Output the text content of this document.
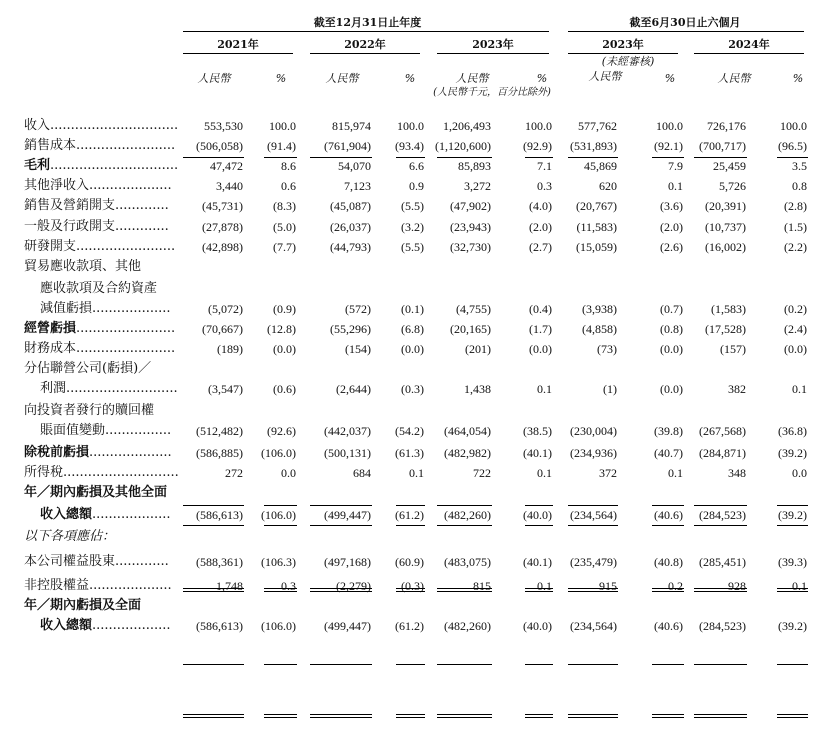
截至12月31日止年度	截至6月30日止六個月
2021年	2022年	2023年	2023年	2024年
(未經審核)
人民幣	%	人民幣	%	人民幣	%
(人民幣千元，百分比除外)
人民幣	%	人民幣	%
收入...............................	553,530	100.0	815,974	100.0	1,206,493	100.0	577,762	100.0	726,176	100.0
銷售成本........................	(506,058)	(91.4)	(761,904)	(93.4) (1,120,600)	(92.9)	(531,893)	(92.1)	(700,717)	(96.5)
毛利...............................	47,472	8.6	54,070	6.6	85,893	7.1	45,869	7.9	25,459	3.5
其他淨收入....................	3,440	0.6	7,123	0.9	3,272	0.3	620	0.1	5,726	0.8
銷售及營銷開支.............	(45,731)	(8.3)	(45,087)	(5.5)	(47,902)	(4.0)	(20,767)	(3.6)	(20,391)	(2.8)
一般及行政開支.............	(27,878)	(5.0)	(26,037)	(3.2)	(23,943)	(2.0)	(11,583)	(2.0)	(10,737)	(1.5)
研發開支........................	(42,898)	(7.7)	(44,793)	(5.5)	(32,730)	(2.7)	(15,059)	(2.6)	(16,002)	(2.2)
貿易應收款項、其他
應收款項及合約資產
減值虧損...................	(5,072)	(0.9)	(572)	(0.1)	(4,755)	(0.4)	(3,938)	(0.7)	(1,583)	(0.2)
經營虧損........................	(70,667)	(12.8)	(55,296)	(6.8)	(20,165)	(1.7)	(4,858)	(0.8)	(17,528)	(2.4)
財務成本........................	(189)	(0.0)	(154)	(0.0)	(201)	(0.0)	(73)	(0.0)	(157)	(0.0)
分佔聯營公司(虧損)／
利潤...........................	(3,547)	(0.6)	(2,644)	(0.3)	1,438	0.1	(1)	(0.0)	382	0.1
向投資者發行的贖回權
賬面值變動................	(512,482)	(92.6)	(442,037)	(54.2)	(464,054)	(38.5)	(230,004)	(39.8)	(267,568)	(36.8)
除稅前虧損....................	(586,885)	(106.0)	(500,131)	(61.3)	(482,982)	(40.1)	(234,936)	(40.7)	(284,871)	(39.2)
所得稅............................	272	0.0	684	0.1	722	0.1	372	0.1	348	0.0
年／期內虧損及其他全面
收入總額...................	(586,613)	(106.0)	(499,447)	(61.2)	(482,260)	(40.0)	(234,564)	(40.6)	(284,523)	(39.2)
以下各項應佔：
本公司權益股東.............	(588,361)	(106.3)	(497,168)	(60.9)	(483,075)	(40.1)	(235,479)	(40.8)	(285,451)	(39.3)
非控股權益....................	1,748	0.3	(2,279)	(0.3)	815	0.1	915	0.2	928	0.1
年／期內虧損及全面
收入總額...................	(586,613)	(106.0)	(499,447)	(61.2)	(482,260)	(40.0)	(234,564)	(40.6)	(284,523)	(39.2)
